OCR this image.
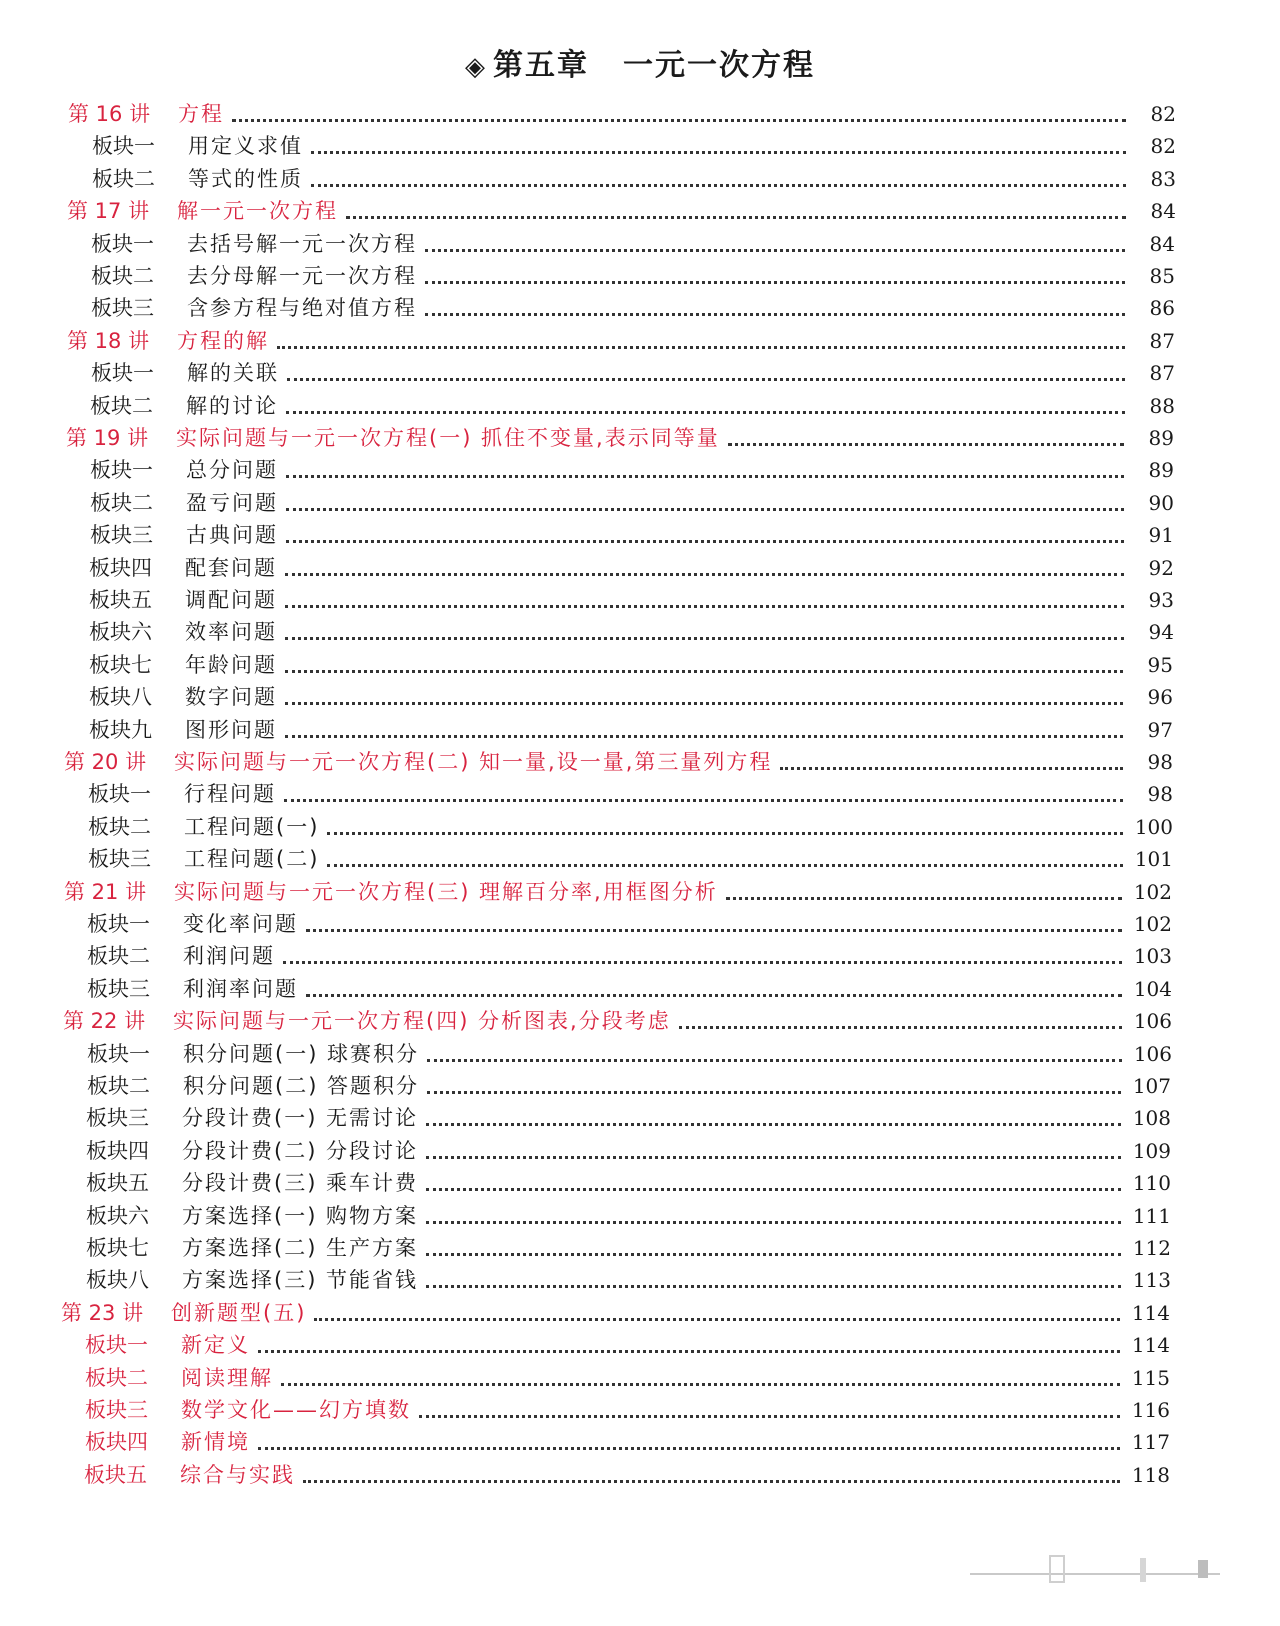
◈ 第五章 一元一次方程
第 16 讲	方程	82
板块一	用定义求值	82
板块二	等式的性质	83
第 17 讲	解一元一次方程	84
板块一	去括号解一元一次方程	84
板块二	去分母解一元一次方程	85
板块三	含参方程与绝对值方程	86
第 18 讲	方程的解	87
板块一	解的关联	87
板块二	解的讨论	88
第 19 讲	实际问题与一元一次方程(一) 抓住不变量,表示同等量	89
板块一	总分问题	89
板块二	盈亏问题	90
板块三	古典问题	91
板块四	配套问题	92
板块五	调配问题	93
板块六	效率问题	94
板块七	年龄问题	95
板块八	数字问题	96
板块九	图形问题	97
第 20 讲	实际问题与一元一次方程(二) 知一量,设一量,第三量列方程	98
板块一	行程问题	98
板块二	工程问题(一)	100
板块三	工程问题(二)	101
第 21 讲	实际问题与一元一次方程(三) 理解百分率,用框图分析	102
板块一	变化率问题	102
板块二	利润问题	103
板块三	利润率问题	104
第 22 讲	实际问题与一元一次方程(四) 分析图表,分段考虑	106
板块一	积分问题(一) 球赛积分	106
板块二	积分问题(二) 答题积分	107
板块三	分段计费(一) 无需讨论	108
板块四	分段计费(二) 分段讨论	109
板块五	分段计费(三) 乘车计费	110
板块六	方案选择(一) 购物方案	111
板块七	方案选择(二) 生产方案	112
板块八	方案选择(三) 节能省钱	113
第 23 讲	创新题型(五)	114
板块一	新定义	114
板块二	阅读理解	115
板块三	数学文化——幻方填数	116
板块四	新情境	117
板块五	综合与实践	118
